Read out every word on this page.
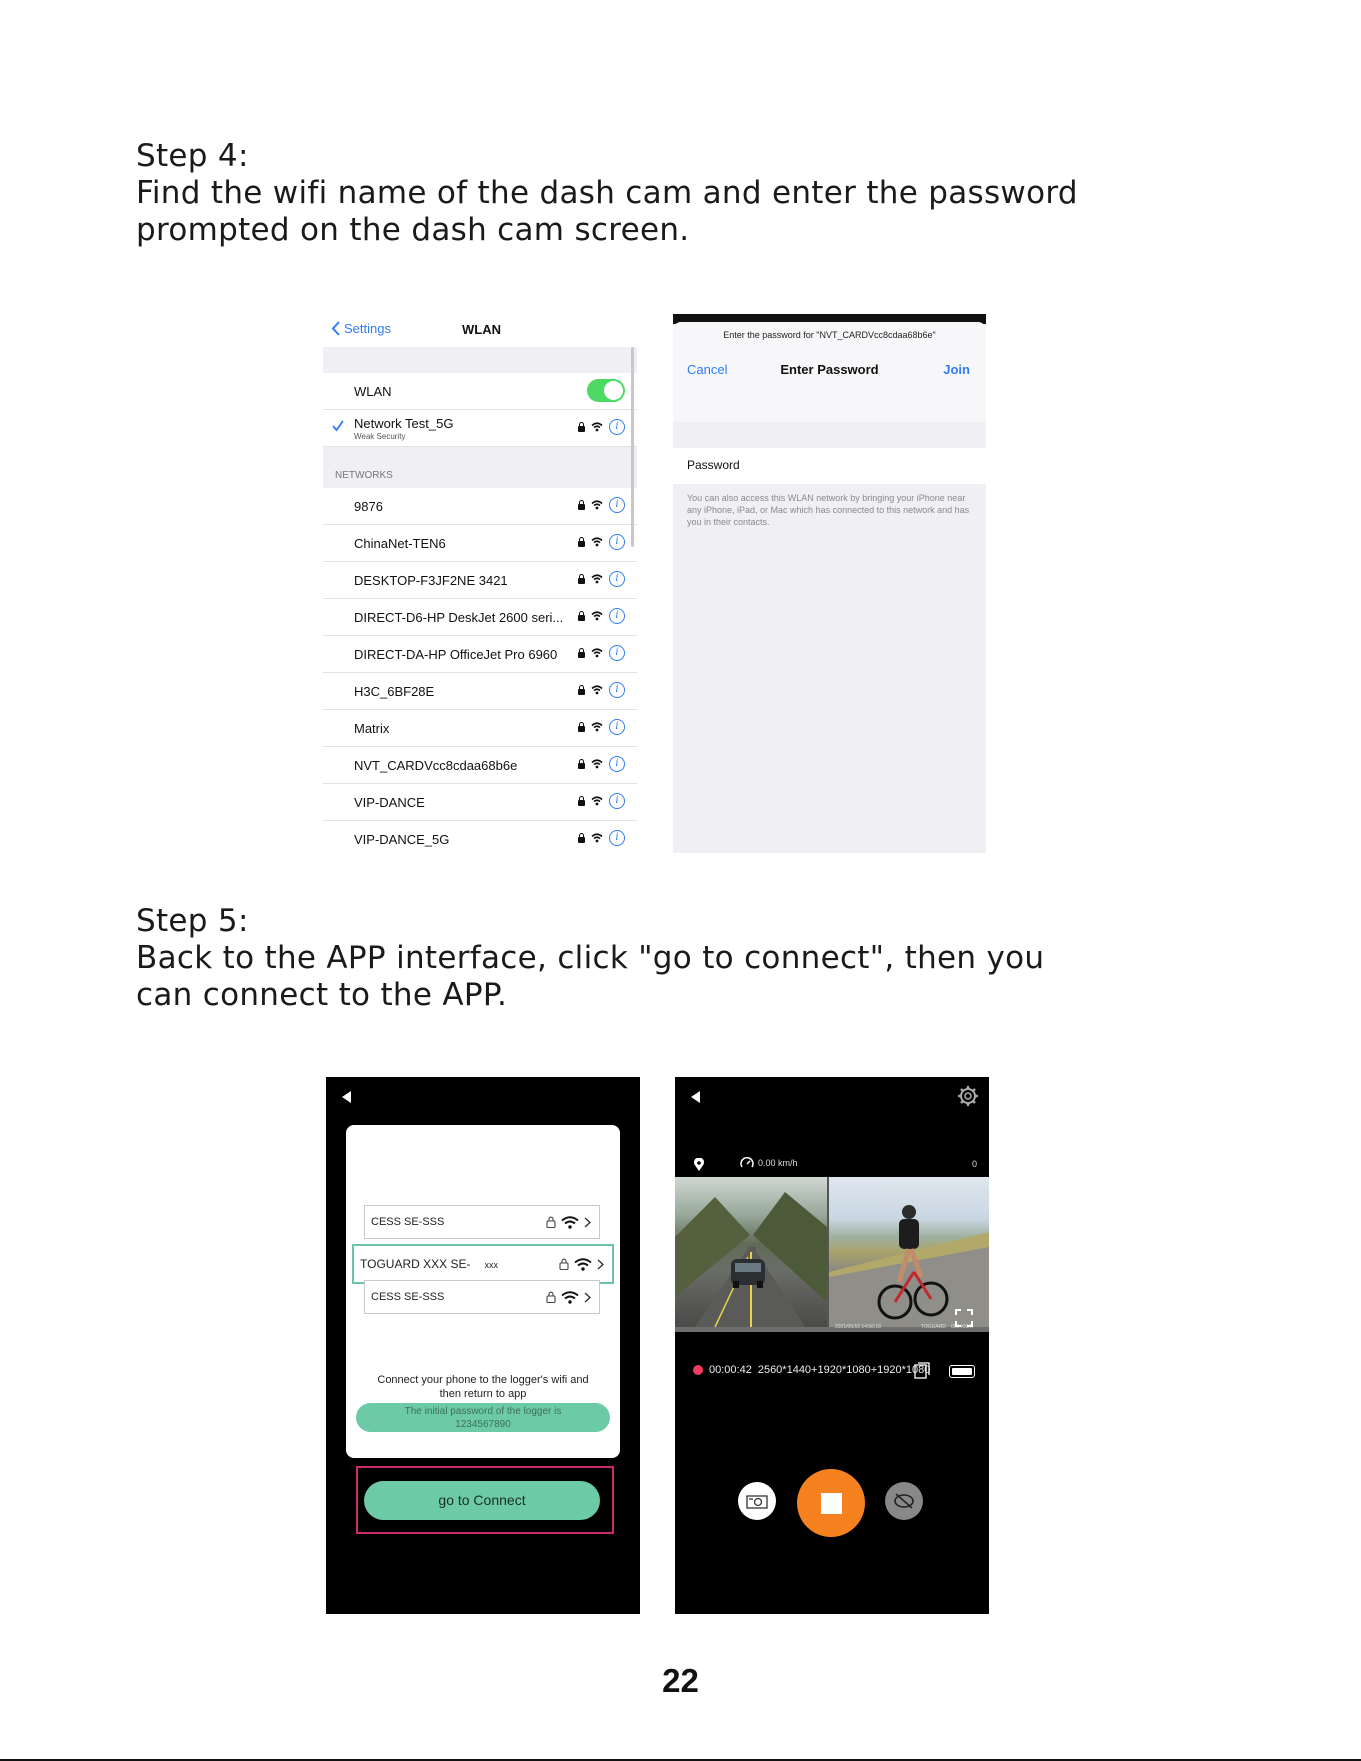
Step 4:
Find the wifi name of the dash cam and enter the password
prompted on the dash cam screen.
Settings	WLAN
WLAN
Network Test_5G
Weak Security
i
NETWORKS
9876	i
ChinaNet-TEN6	i
DESKTOP-F3JF2NE 3421	i
DIRECT-D6-HP DeskJet 2600 seri...	i
DIRECT-DA-HP OfficeJet Pro 6960	i
H3C_6BF28E	i
Matrix	i
NVT_CARDVcc8cdaa68b6e	i
VIP-DANCE	i
VIP-DANCE_5G	i
Enter the password for "NVT_CARDVcc8cdaa68b6e"
Cancel	Enter Password	Join
Password
You can also access this WLAN network by bringing your iPhone near any iPhone, iPad, or Mac which has connected to this network and has you in their contacts.
Step 5:
Back to the APP interface, click "go to connect", then you
can connect to the APP.
CESS SE-SSS
TOGUARD XXX SE- xxx
CESS SE-SSS
Connect your phone to the logger's wifi and
then return to app
The initial password of the logger is
1234567890
go to Connect
0.00 km/h	0
2021/05/15 14:56:18	TOGUARD 000 KM/H
00:00:42 2560*1440+1920*1080+1920*1080
22
